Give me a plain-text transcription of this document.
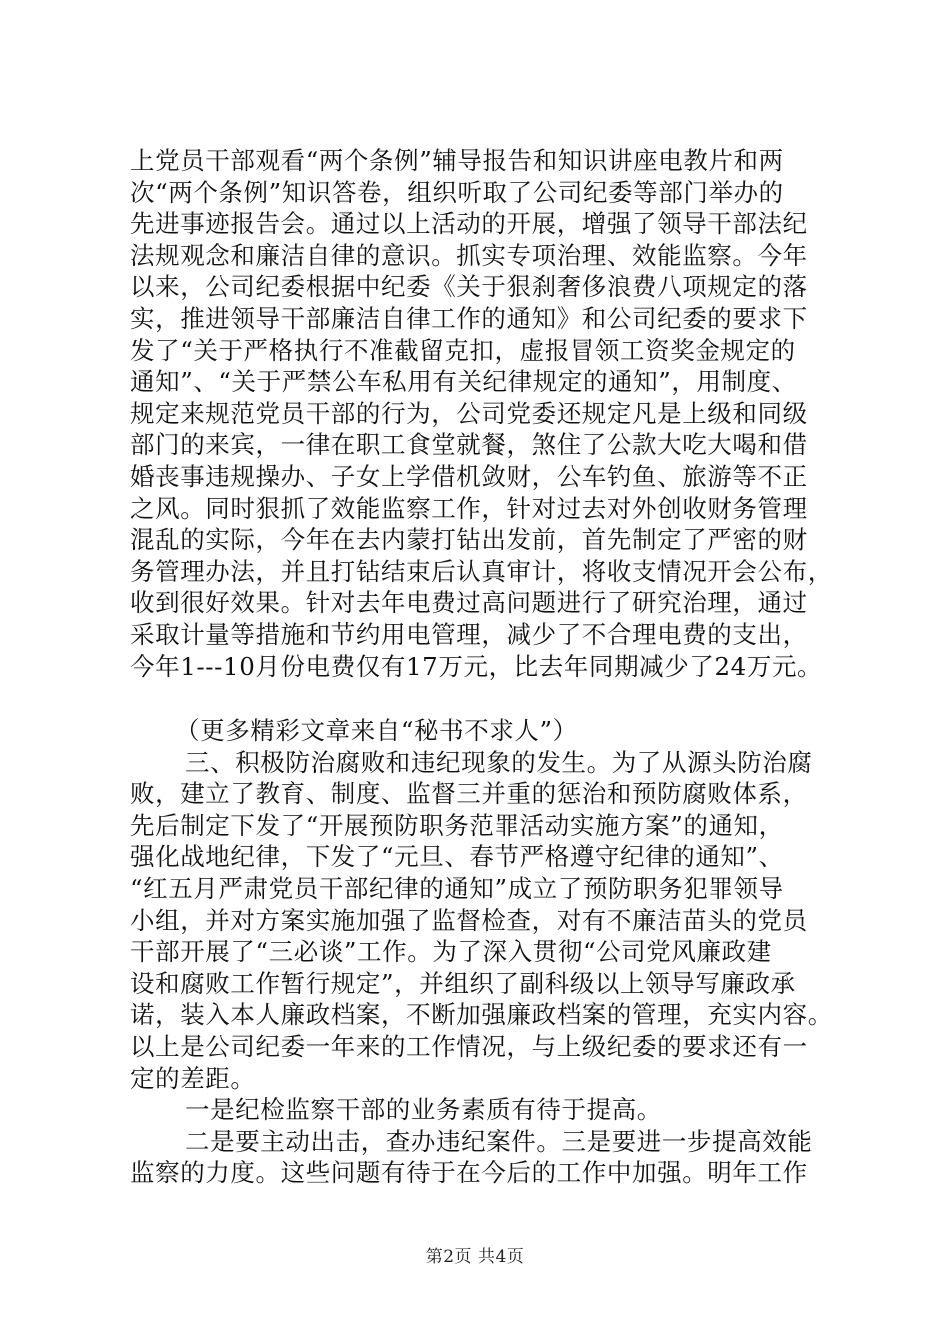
上党员干部观看“两个条例”辅导报告和知识讲座电教片和两
次“两个条例”知识答卷，组织听取了公司纪委等部门举办的
先进事迹报告会。通过以上活动的开展，增强了领导干部法纪
法规观念和廉洁自律的意识。抓实专项治理、效能监察。今年
以来，公司纪委根据中纪委《关于狠刹奢侈浪费八项规定的落
实，推进领导干部廉洁自律工作的通知》和公司纪委的要求下
发了“关于严格执行不准截留克扣，虚报冒领工资奖金规定的
通知”、“关于严禁公车私用有关纪律规定的通知”，用制度、
规定来规范党员干部的行为，公司党委还规定凡是上级和同级
部门的来宾，一律在职工食堂就餐，煞住了公款大吃大喝和借
婚丧事违规操办、子女上学借机敛财，公车钓鱼、旅游等不正
之风。同时狠抓了效能监察工作，针对过去对外创收财务管理
混乱的实际，今年在去内蒙打钻出发前，首先制定了严密的财
务管理办法，并且打钻结束后认真审计，将收支情况开会公布，
收到很好效果。针对去年电费过高问题进行了研究治理，通过
采取计量等措施和节约用电管理，减少了不合理电费的支出，
今年1---10月份电费仅有17万元，比去年同期减少了24万元。
（更多精彩文章来自“秘书不求人”）
三、积极防治腐败和违纪现象的发生。为了从源头防治腐
败，建立了教育、制度、监督三并重的惩治和预防腐败体系，
先后制定下发了“开展预防职务范罪活动实施方案”的通知，
强化战地纪律，下发了“元旦、春节严格遵守纪律的通知”、
“红五月严肃党员干部纪律的通知”成立了预防职务犯罪领导
小组，并对方案实施加强了监督检查，对有不廉洁苗头的党员
干部开展了“三必谈”工作。为了深入贯彻“公司党风廉政建
设和腐败工作暂行规定”，并组织了副科级以上领导写廉政承
诺，装入本人廉政档案，不断加强廉政档案的管理，充实内容。
以上是公司纪委一年来的工作情况，与上级纪委的要求还有一
定的差距。
一是纪检监察干部的业务素质有待于提高。
二是要主动出击，查办违纪案件。三是要进一步提高效能
监察的力度。这些问题有待于在今后的工作中加强。明年工作
第2页 共4页
